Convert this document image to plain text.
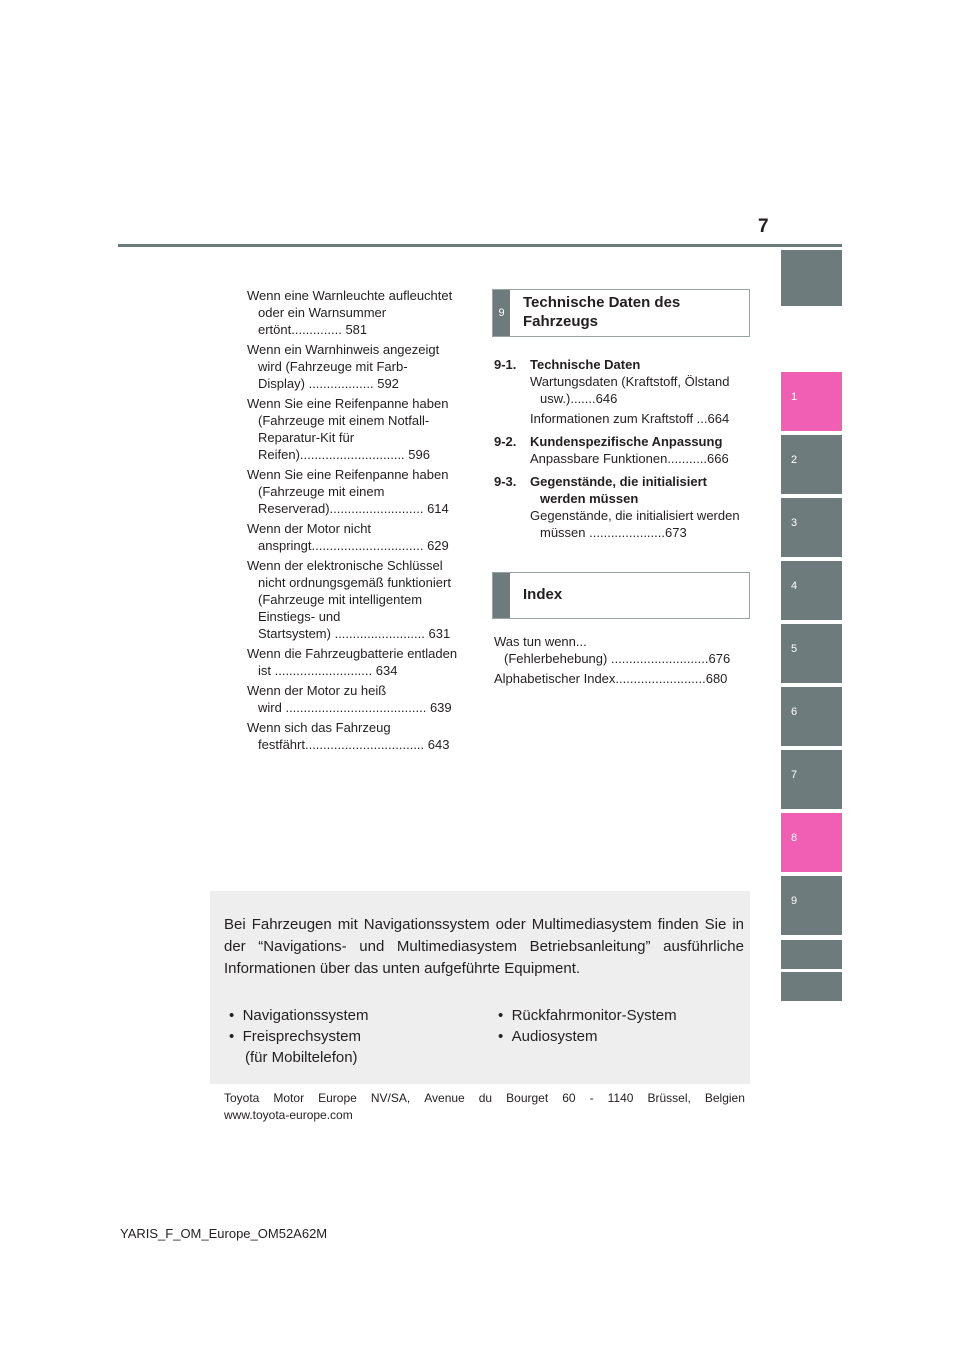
7
Wenn eine Warnleuchte aufleuchtet oder ein Warnsummer ertönt.............. 581
Wenn ein Warnhinweis angezeigt wird (Fahrzeuge mit Farb-Display) .................. 592
Wenn Sie eine Reifenpanne haben (Fahrzeuge mit einem Notfall-Reparatur-Kit für Reifen)............................. 596
Wenn Sie eine Reifenpanne haben (Fahrzeuge mit einem Reserverad).......................... 614
Wenn der Motor nicht anspringt............................... 629
Wenn der elektronische Schlüssel nicht ordnungsgemäß funktioniert (Fahrzeuge mit intelligentem Einstiegs- und Startsystem) ......................... 631
Wenn die Fahrzeugbatterie entladen ist ........................... 634
Wenn der Motor zu heiß wird ....................................... 639
Wenn sich das Fahrzeug festfährt................................. 643
9
Technische Daten des Fahrzeugs
9-1.	Technische Daten
Wartungsdaten (Kraftstoff, Ölstand usw.).......646
Informationen zum Kraftstoff ...664
9-2.	Kundenspezifische Anpassung
Anpassbare Funktionen...........666
9-3.	Gegenstände, die initialisiert werden müssen
Gegenstände, die initialisiert werden müssen .....................673
Index
Was tun wenn... (Fehlerbehebung) ...........................676
Alphabetischer Index.........................680
1
2
3
4
5
6
7
8
9
Bei Fahrzeugen mit Navigationssystem oder Multimediasystem finden Sie in der “Navigations- und Multimediasystem Betriebsanleitung” ausführliche Informationen über das unten aufgeführte Equipment.
•  Navigationssystem
•  Freisprechsystem
(für Mobiltelefon)
•  Rückfahrmonitor-System
•  Audiosystem
Toyota Motor Europe NV/SA, Avenue du Bourget 60 - 1140 Brüssel, Belgien
www.toyota-europe.com
YARIS_F_OM_Europe_OM52A62M
